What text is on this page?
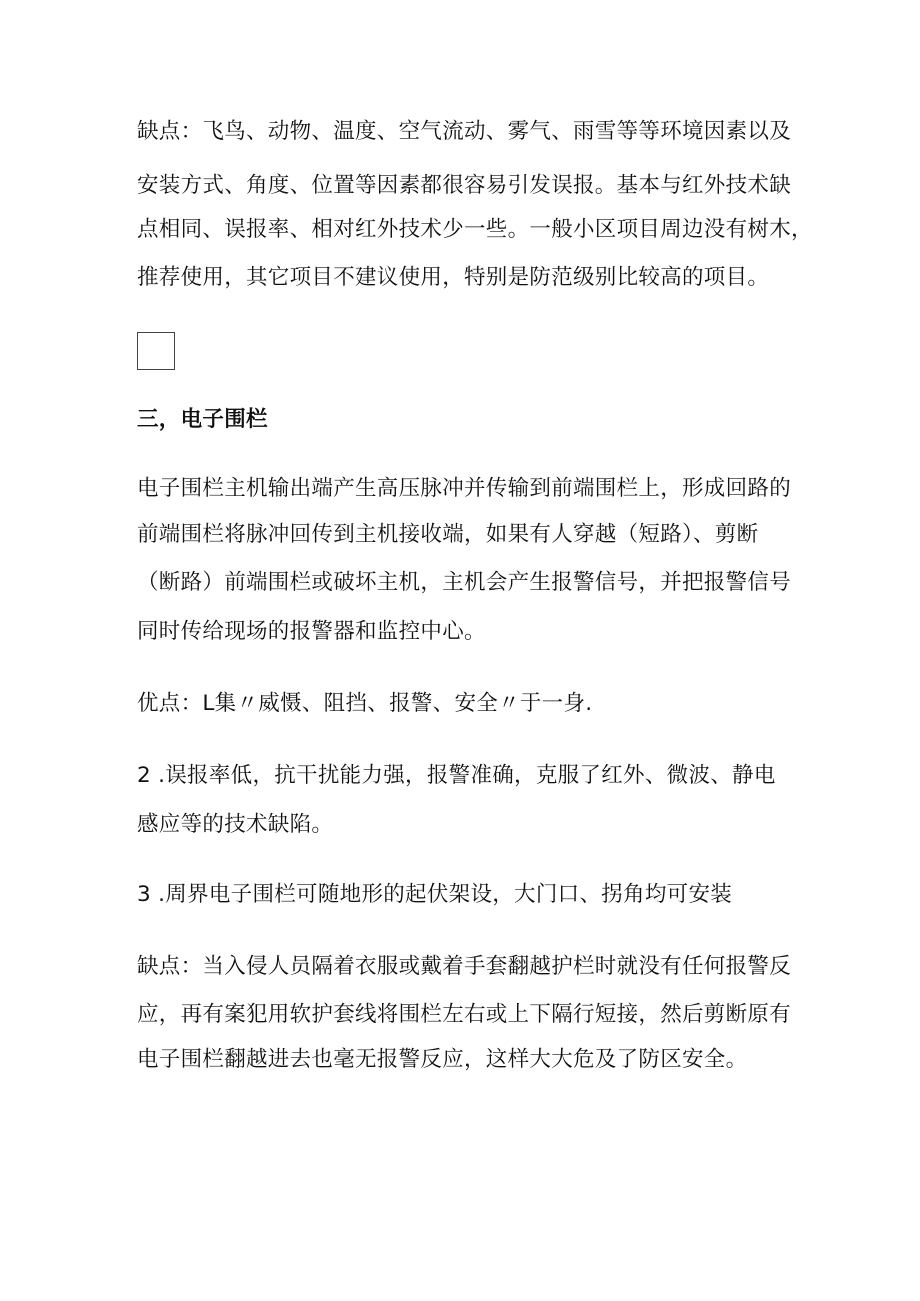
缺点：飞鸟、动物、温度、空气流动、雾气、雨雪等等环境因素以及
安装方式、角度、位置等因素都很容易引发误报。基本与红外技术缺
点相同、误报率、相对红外技术少一些。一般小区项目周边没有树木，
推荐使用，其它项目不建议使用，特别是防范级别比较高的项目。
三，电子围栏
电子围栏主机输出端产生高压脉冲并传输到前端围栏上，形成回路的
前端围栏将脉冲回传到主机接收端，如果有人穿越（短路）、剪断
（断路）前端围栏或破坏主机，主机会产生报警信号，并把报警信号
同时传给现场的报警器和监控中心。
优点：L集〃威慑、阻挡、报警、安全〃于一身.
2 .误报率低，抗干扰能力强，报警准确，克服了红外、微波、静电
感应等的技术缺陷。
3 .周界电子围栏可随地形的起伏架设，大门口、拐角均可安装
缺点：当入侵人员隔着衣服或戴着手套翻越护栏时就没有任何报警反
应，再有案犯用软护套线将围栏左右或上下隔行短接，然后剪断原有
电子围栏翻越进去也毫无报警反应，这样大大危及了防区安全。
